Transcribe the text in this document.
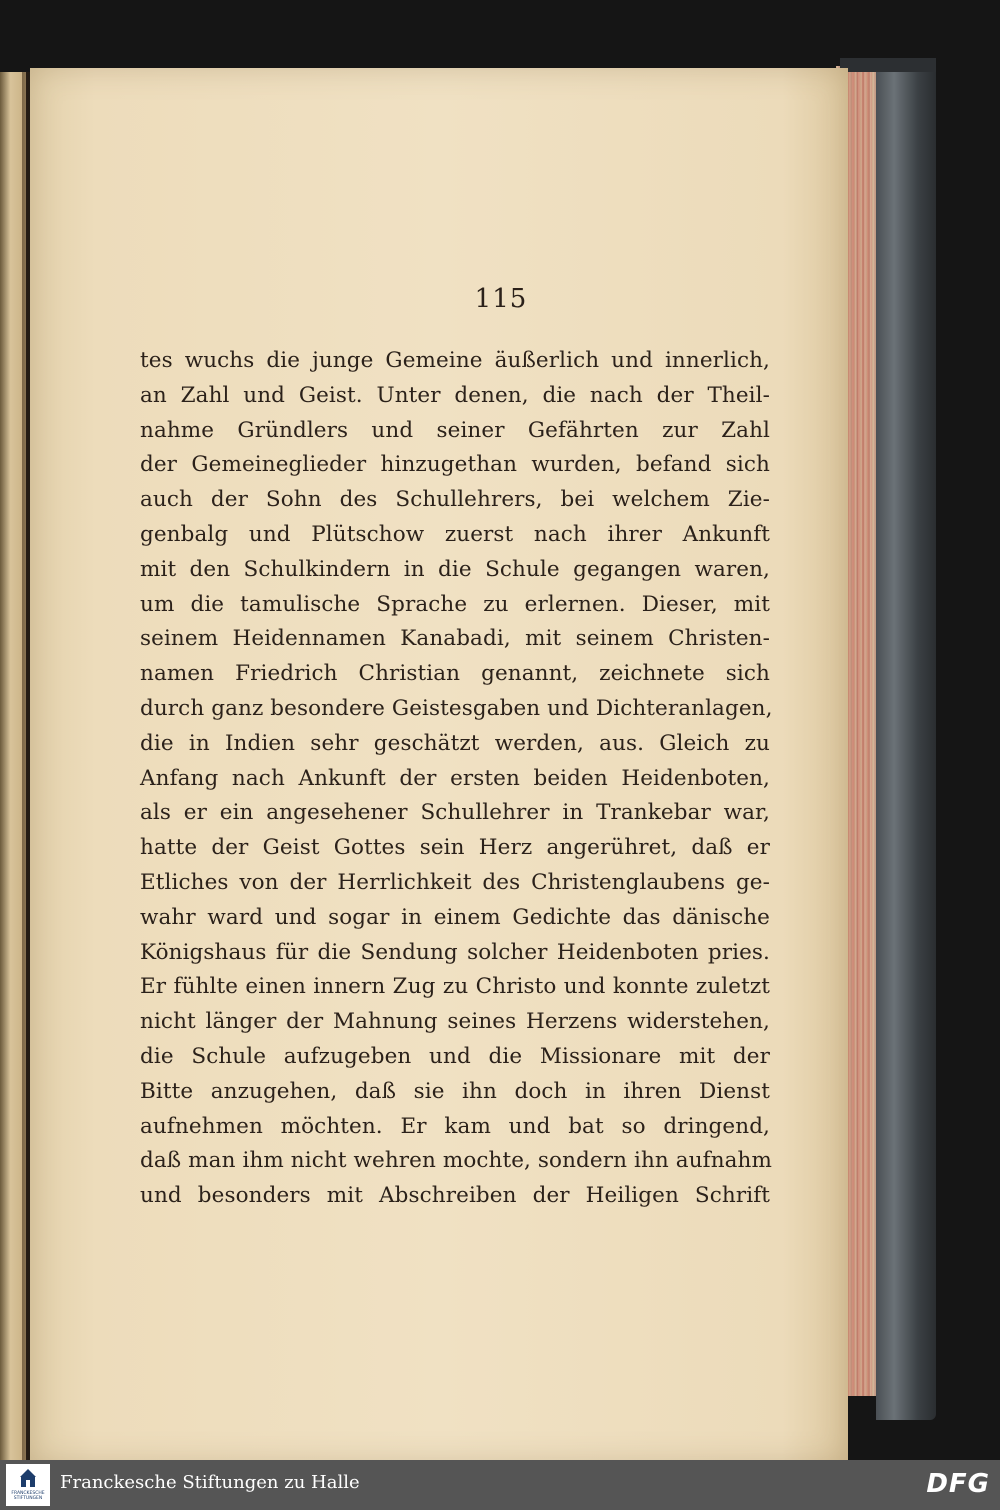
115
tes wuchs die junge Gemeine äußerlich und innerlich,
an Zahl und Geist. Unter denen, die nach der Theil-
nahme Gründlers und seiner Gefährten zur Zahl
der Gemeineglieder hinzugethan wurden, befand sich
auch der Sohn des Schullehrers, bei welchem Zie-
genbalg und Plütschow zuerst nach ihrer Ankunft
mit den Schulkindern in die Schule gegangen waren,
um die tamulische Sprache zu erlernen. Dieser, mit
seinem Heidennamen Kanabadi, mit seinem Christen-
namen Friedrich Christian genannt, zeichnete sich
durch ganz besondere Geistesgaben und Dichteranlagen,
die in Indien sehr geschätzt werden, aus. Gleich zu
Anfang nach Ankunft der ersten beiden Heidenboten,
als er ein angesehener Schullehrer in Trankebar war,
hatte der Geist Gottes sein Herz angerühret, daß er
Etliches von der Herrlichkeit des Christenglaubens ge-
wahr ward und sogar in einem Gedichte das dänische
Königshaus für die Sendung solcher Heidenboten pries.
Er fühlte einen innern Zug zu Christo und konnte zuletzt
nicht länger der Mahnung seines Herzens widerstehen,
die Schule aufzugeben und die Missionare mit der
Bitte anzugehen, daß sie ihn doch in ihren Dienst
aufnehmen möchten. Er kam und bat so dringend,
daß man ihm nicht wehren mochte, sondern ihn aufnahm
und besonders mit Abschreiben der Heiligen Schrift
FRANCKESCHE
STIFTUNGEN
Franckesche Stiftungen zu Halle	DFG
